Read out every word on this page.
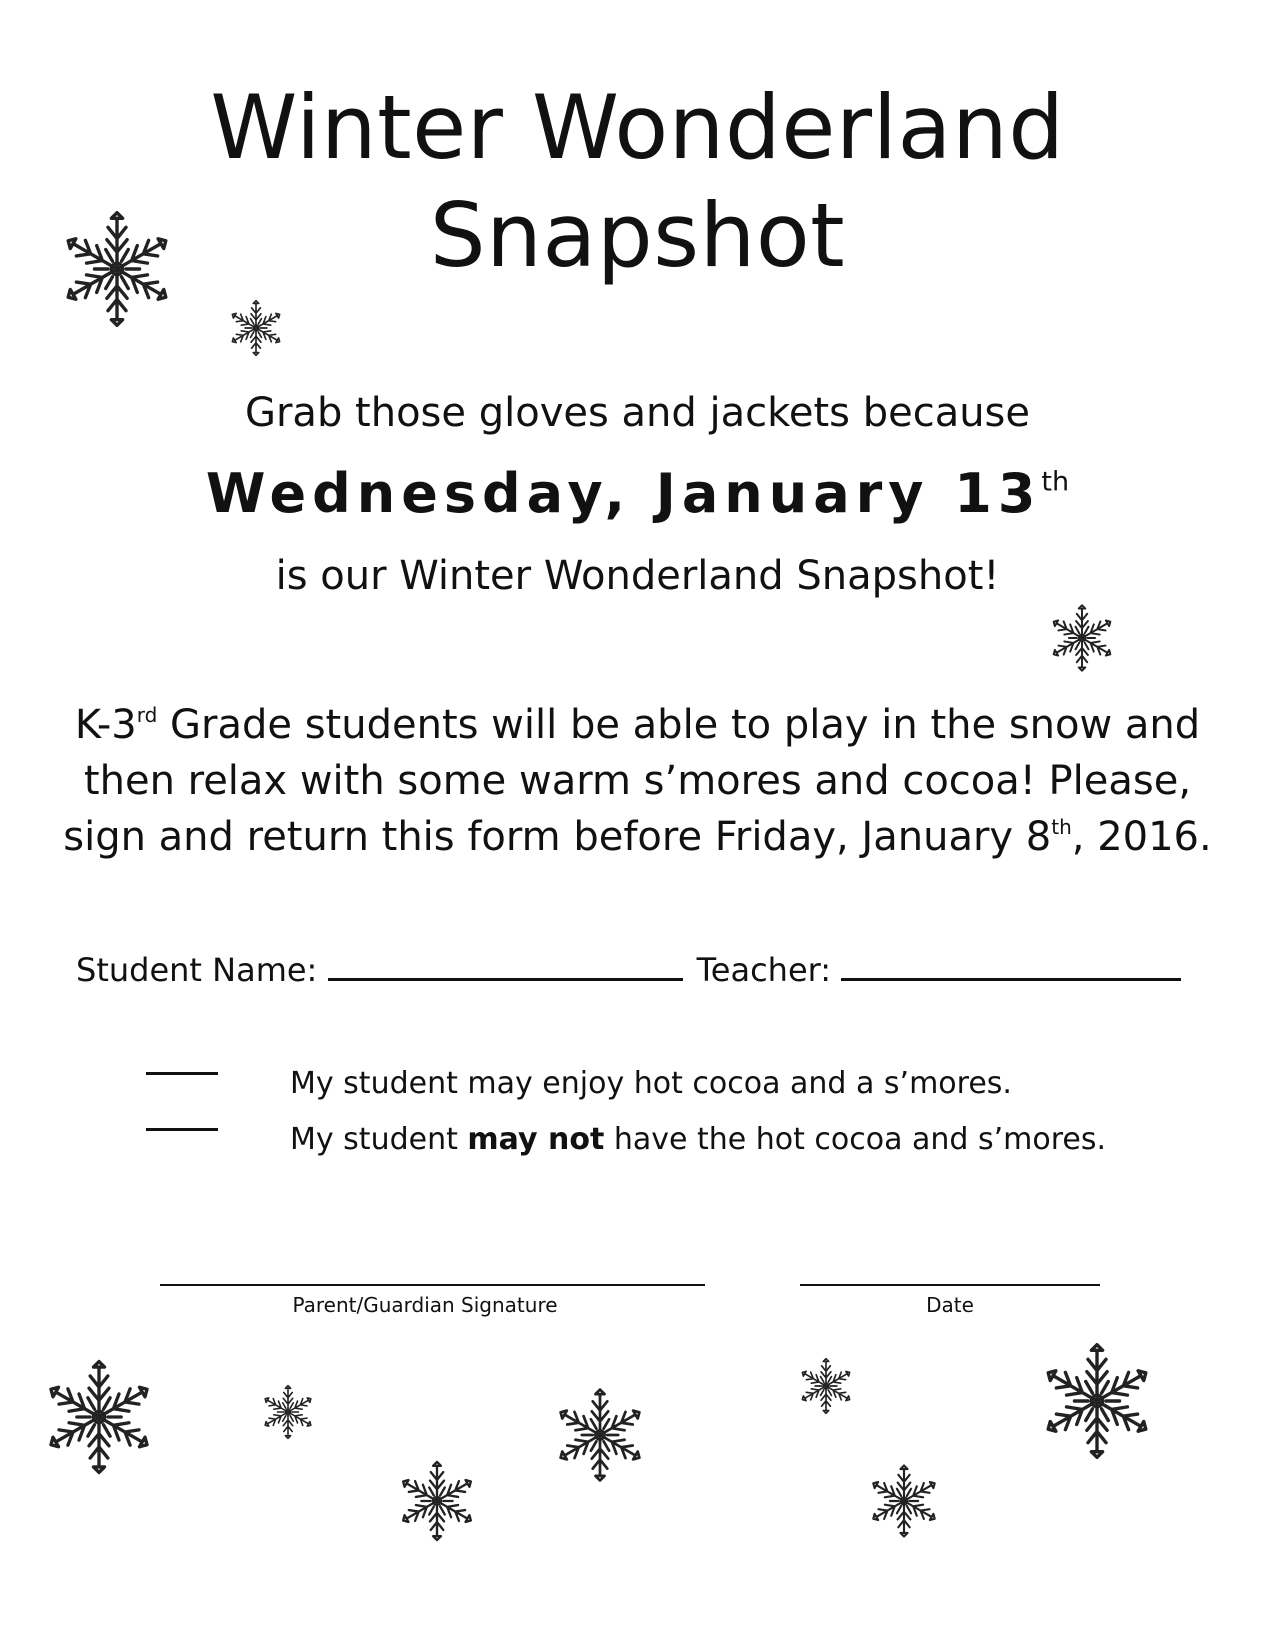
Winter Wonderland
Snapshot
Grab those gloves and jackets because
Wednesday, January 13th
is our Winter Wonderland Snapshot!
K-3rd Grade students will be able to play in the snow and
then relax with some warm s’mores and cocoa! Please,
sign and return this form before Friday, January 8th, 2016.
Student Name:	Teacher:
My student may enjoy hot cocoa and a s’mores.
My student may not have the hot cocoa and s’mores.
Parent/Guardian Signature	Date
